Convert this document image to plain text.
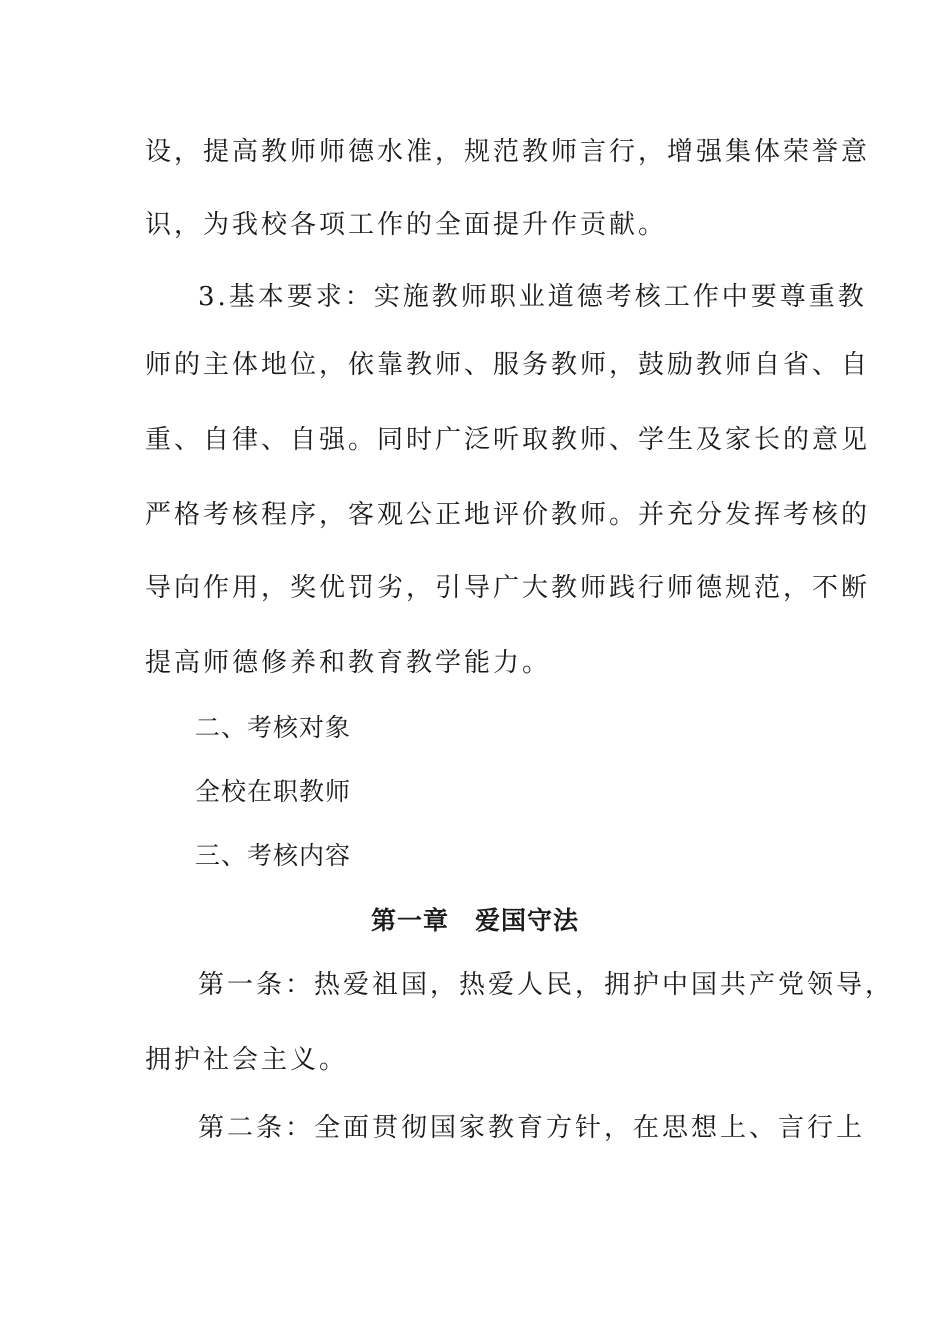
设，提高教师师德水准，规范教师言行，增强集体荣誉意
识，为我校各项工作的全面提升作贡献。
3.基本要求：实施教师职业道德考核工作中要尊重教
师的主体地位，依靠教师、服务教师，鼓励教师自省、自
重、自律、自强。同时广泛听取教师、学生及家长的意见
严格考核程序，客观公正地评价教师。并充分发挥考核的
导向作用，奖优罚劣，引导广大教师践行师德规范，不断
提高师德修养和教育教学能力。
二、考核对象
全校在职教师
三、考核内容
第一章　爱国守法
第一条：热爱祖国，热爱人民，拥护中国共产党领导，
拥护社会主义。
第二条：全面贯彻国家教育方针，在思想上、言行上
